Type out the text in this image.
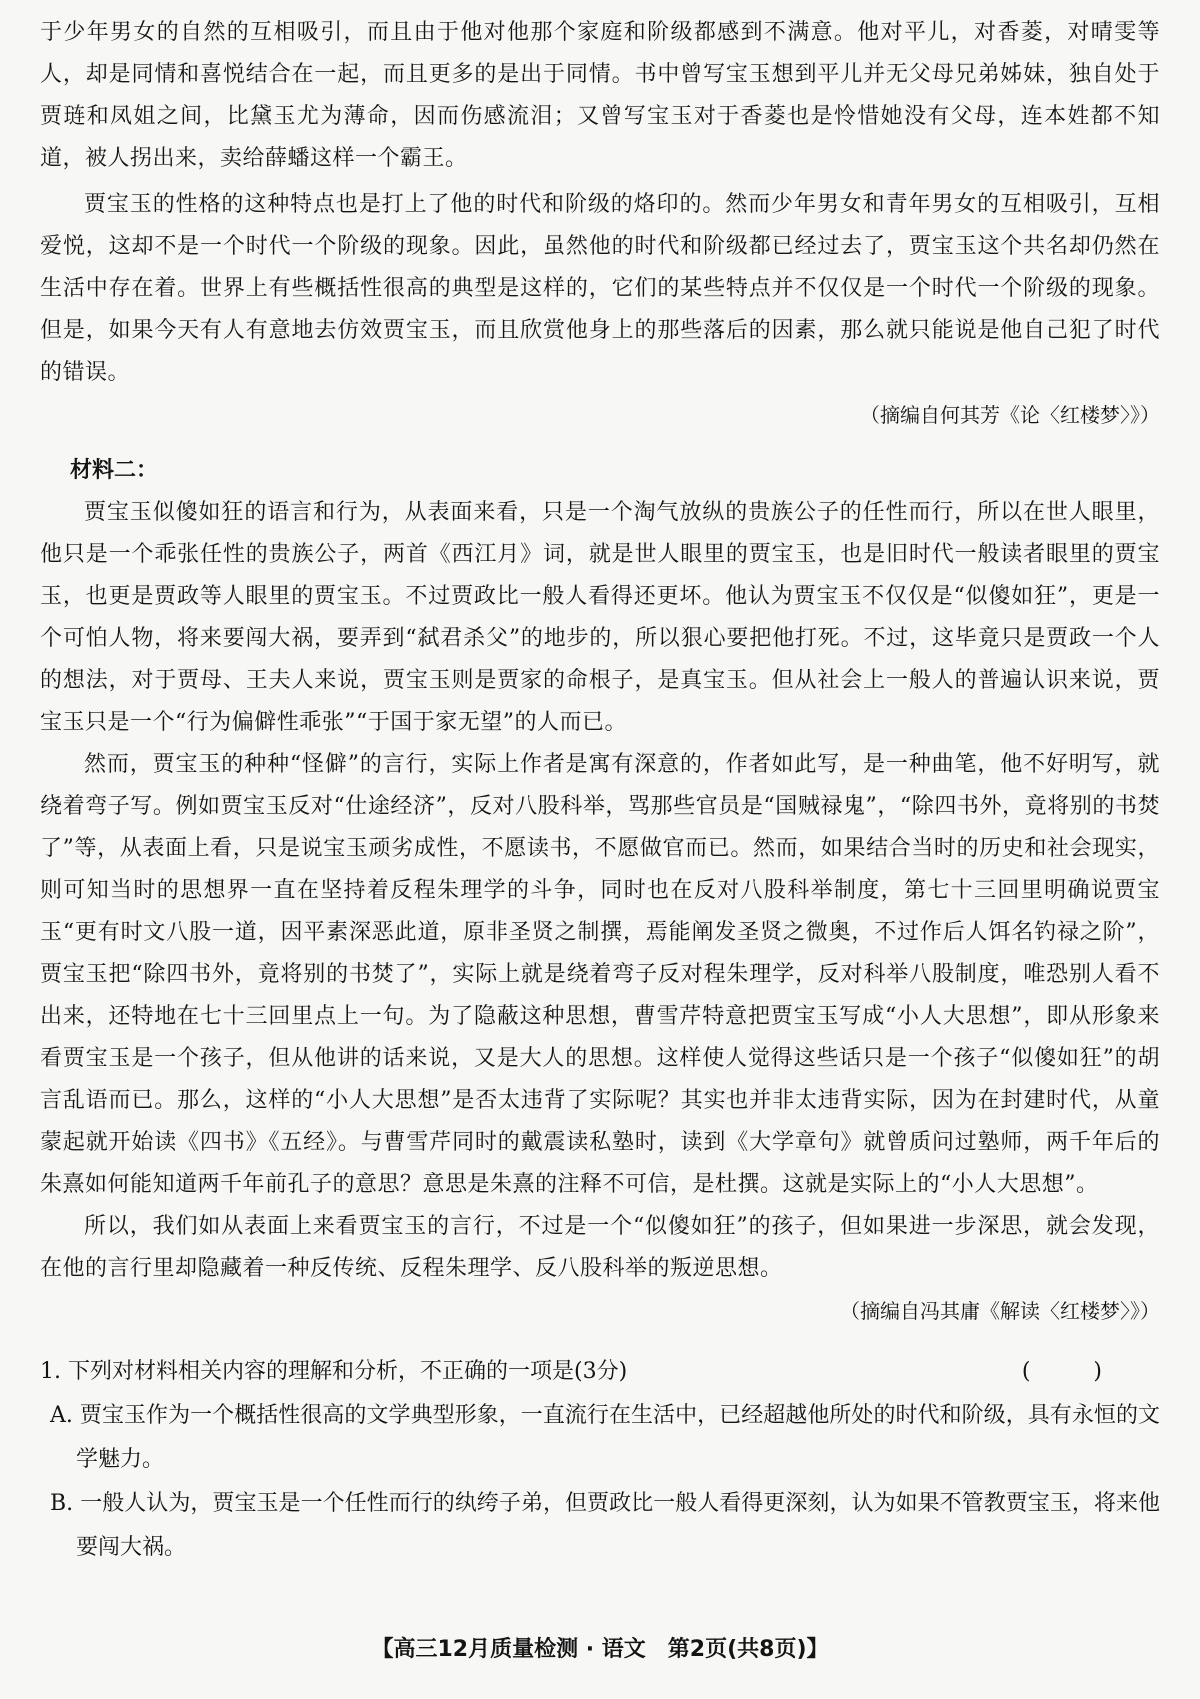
于少年男女的自然的互相吸引，而且由于他对他那个家庭和阶级都感到不满意。他对平儿，对香菱，对晴雯等人，却是同情和喜悦结合在一起，而且更多的是出于同情。书中曾写宝玉想到平儿并无父母兄弟姊妹，独自处于贾琏和凤姐之间，比黛玉尤为薄命，因而伤感流泪；又曾写宝玉对于香菱也是怜惜她没有父母，连本姓都不知道，被人拐出来，卖给薛蟠这样一个霸王。

贾宝玉的性格的这种特点也是打上了他的时代和阶级的烙印的。然而少年男女和青年男女的互相吸引，互相爱悦，这却不是一个时代一个阶级的现象。因此，虽然他的时代和阶级都已经过去了，贾宝玉这个共名却仍然在生活中存在着。世界上有些概括性很高的典型是这样的，它们的某些特点并不仅仅是一个时代一个阶级的现象。但是，如果今天有人有意地去仿效贾宝玉，而且欣赏他身上的那些落后的因素，那么就只能说是他自己犯了时代的错误。

（摘编自何其芳《论〈红楼梦〉》）

材料二：

贾宝玉似傻如狂的语言和行为，从表面来看，只是一个淘气放纵的贵族公子的任性而行，所以在世人眼里，他只是一个乖张任性的贵族公子，两首《西江月》词，就是世人眼里的贾宝玉，也是旧时代一般读者眼里的贾宝玉，也更是贾政等人眼里的贾宝玉。不过贾政比一般人看得还更坏。他认为贾宝玉不仅仅是“似傻如狂”，更是一个可怕人物，将来要闯大祸，要弄到“弑君杀父”的地步的，所以狠心要把他打死。不过，这毕竟只是贾政一个人的想法，对于贾母、王夫人来说，贾宝玉则是贾家的命根子，是真宝玉。但从社会上一般人的普遍认识来说，贾宝玉只是一个“行为偏僻性乖张”“于国于家无望”的人而已。

然而，贾宝玉的种种“怪僻”的言行，实际上作者是寓有深意的，作者如此写，是一种曲笔，他不好明写，就绕着弯子写。例如贾宝玉反对“仕途经济”，反对八股科举，骂那些官员是“国贼禄鬼”，“除四书外，竟将别的书焚了”等，从表面上看，只是说宝玉顽劣成性，不愿读书，不愿做官而已。然而，如果结合当时的历史和社会现实，则可知当时的思想界一直在坚持着反程朱理学的斗争，同时也在反对八股科举制度，第七十三回里明确说贾宝玉“更有时文八股一道，因平素深恶此道，原非圣贤之制撰，焉能阐发圣贤之微奥，不过作后人饵名钓禄之阶”，贾宝玉把“除四书外，竟将别的书焚了”，实际上就是绕着弯子反对程朱理学，反对科举八股制度，唯恐别人看不出来，还特地在七十三回里点上一句。为了隐蔽这种思想，曹雪芹特意把贾宝玉写成“小人大思想”，即从形象来看贾宝玉是一个孩子，但从他讲的话来说，又是大人的思想。这样使人觉得这些话只是一个孩子“似傻如狂”的胡言乱语而已。那么，这样的“小人大思想”是否太违背了实际呢？其实也并非太违背实际，因为在封建时代，从童蒙起就开始读《四书》《五经》。与曹雪芹同时的戴震读私塾时，读到《大学章句》就曾质问过塾师，两千年后的朱熹如何能知道两千年前孔子的意思？意思是朱熹的注释不可信，是杜撰。这就是实际上的“小人大思想”。

所以，我们如从表面上来看贾宝玉的言行，不过是一个“似傻如狂”的孩子，但如果进一步深思，就会发现，在他的言行里却隐藏着一种反传统、反程朱理学、反八股科举的叛逆思想。

（摘编自冯其庸《解读〈红楼梦〉》）

1. 下列对材料相关内容的理解和分析，不正确的一项是(3分)	( )

A. 贾宝玉作为一个概括性很高的文学典型形象，一直流行在生活中，已经超越他所处的时代和阶级，具有永恒的文学魅力。

B. 一般人认为，贾宝玉是一个任性而行的纨绔子弟，但贾政比一般人看得更深刻，认为如果不管教贾宝玉，将来他要闯大祸。

【高三12月质量检测 · 语文　第2页(共8页)】
